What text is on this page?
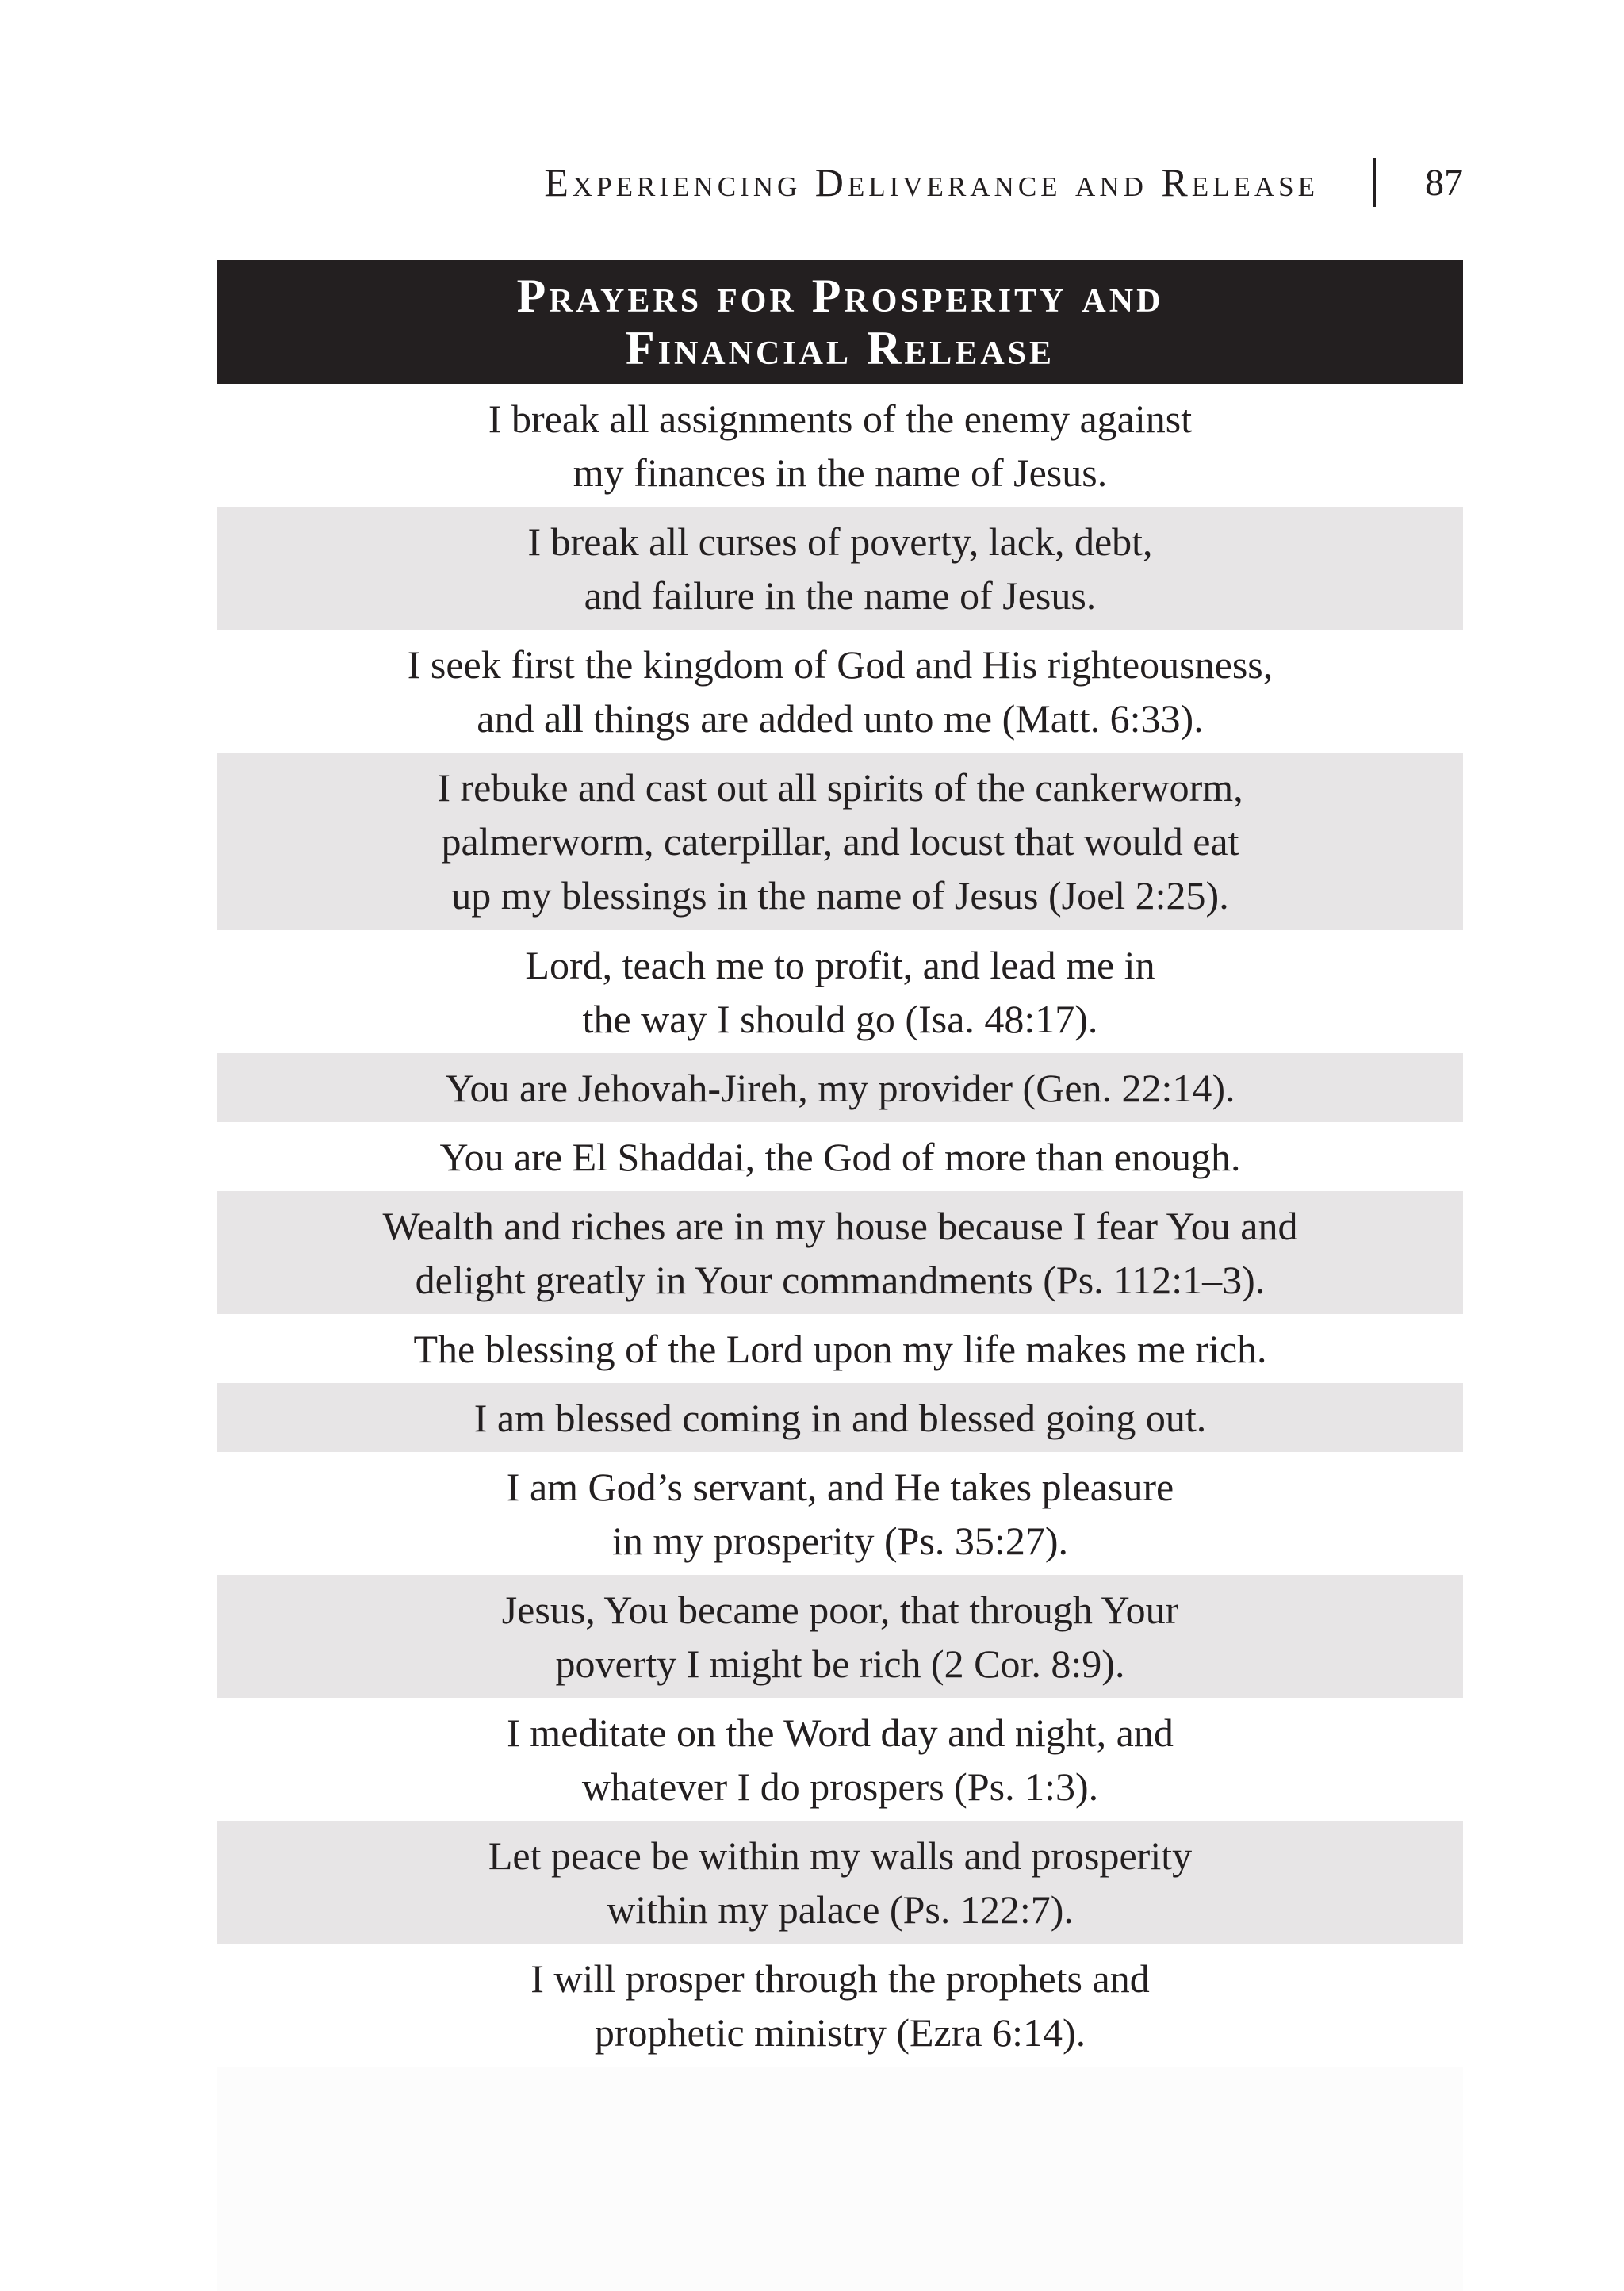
Experiencing Deliverance and Release	87
Prayers for Prosperity and
Financial Release
I break all assignments of the enemy against
my finances in the name of Jesus.
I break all curses of poverty, lack, debt,
and failure in the name of Jesus.
I seek first the kingdom of God and His righteousness,
and all things are added unto me (Matt. 6:33).
I rebuke and cast out all spirits of the cankerworm,
palmerworm, caterpillar, and locust that would eat
up my blessings in the name of Jesus (Joel 2:25).
Lord, teach me to profit, and lead me in
the way I should go (Isa. 48:17).
You are Jehovah-Jireh, my provider (Gen. 22:14).
You are El Shaddai, the God of more than enough.
Wealth and riches are in my house because I fear You and
delight greatly in Your commandments (Ps. 112:1–3).
The blessing of the Lord upon my life makes me rich.
I am blessed coming in and blessed going out.
I am God’s servant, and He takes pleasure
in my prosperity (Ps. 35:27).
Jesus, You became poor, that through Your
poverty I might be rich (2 Cor. 8:9).
I meditate on the Word day and night, and
whatever I do prospers (Ps. 1:3).
Let peace be within my walls and prosperity
within my palace (Ps. 122:7).
I will prosper through the prophets and
prophetic ministry (Ezra 6:14).
